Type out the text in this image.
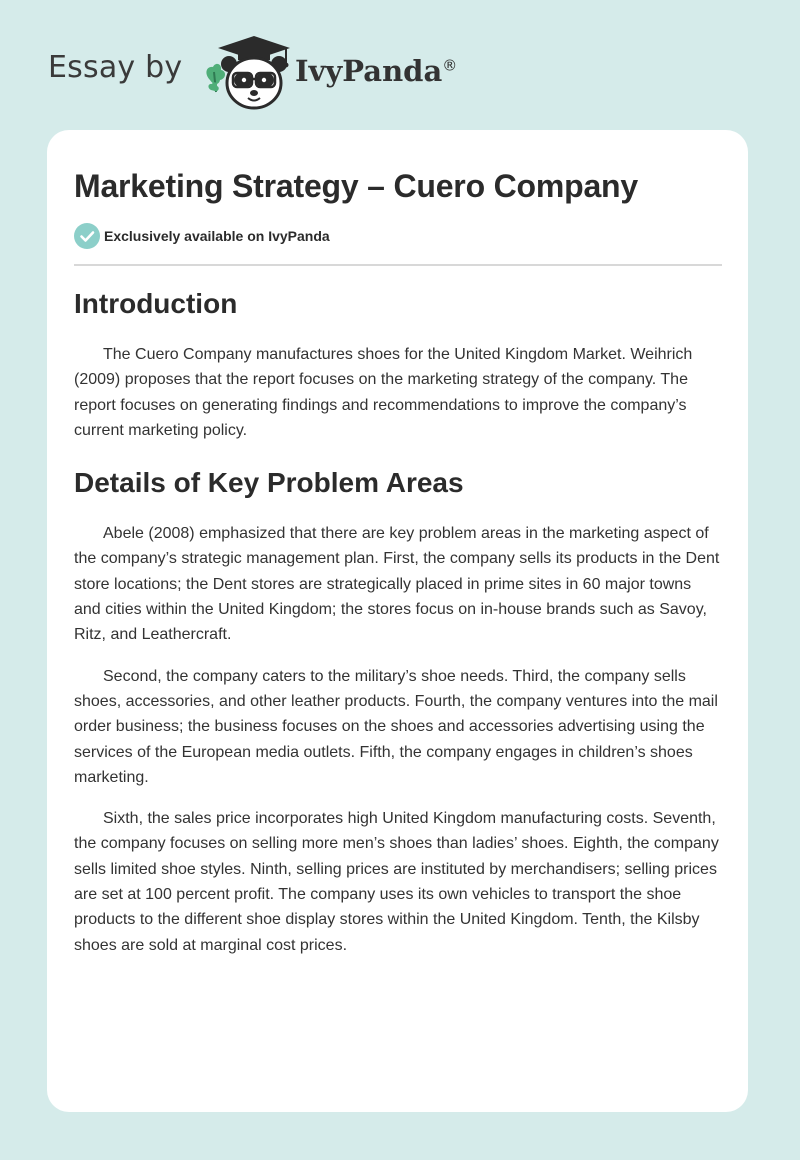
Essay by	IvyPanda®
Marketing Strategy – Cuero Company
Exclusively available on IvyPanda
Introduction

The Cuero Company manufactures shoes for the United Kingdom Market. Weihrich (2009) proposes that the report focuses on the marketing strategy of the company. The report focuses on generating findings and recommendations to improve the company’s current marketing policy.

Details of Key Problem Areas

Abele (2008) emphasized that there are key problem areas in the marketing aspect of the company’s strategic management plan. First, the company sells its products in the Dent store locations; the Dent stores are strategically placed in prime sites in 60 major towns and cities within the United Kingdom; the stores focus on in-house brands such as Savoy, Ritz, and Leathercraft.

Second, the company caters to the military’s shoe needs. Third, the company sells shoes, accessories, and other leather products. Fourth, the company ventures into the mail order business; the business focuses on the shoes and accessories advertising using the services of the European media outlets. Fifth, the company engages in children’s shoes marketing.

Sixth, the sales price incorporates high United Kingdom manufacturing costs. Seventh, the company focuses on selling more men’s shoes than ladies’ shoes. Eighth, the company sells limited shoe styles. Ninth, selling prices are instituted by merchandisers; selling prices are set at 100 percent profit. The company uses its own vehicles to transport the shoe products to the different shoe display stores within the United Kingdom. Tenth, the Kilsby shoes are sold at marginal cost prices.
